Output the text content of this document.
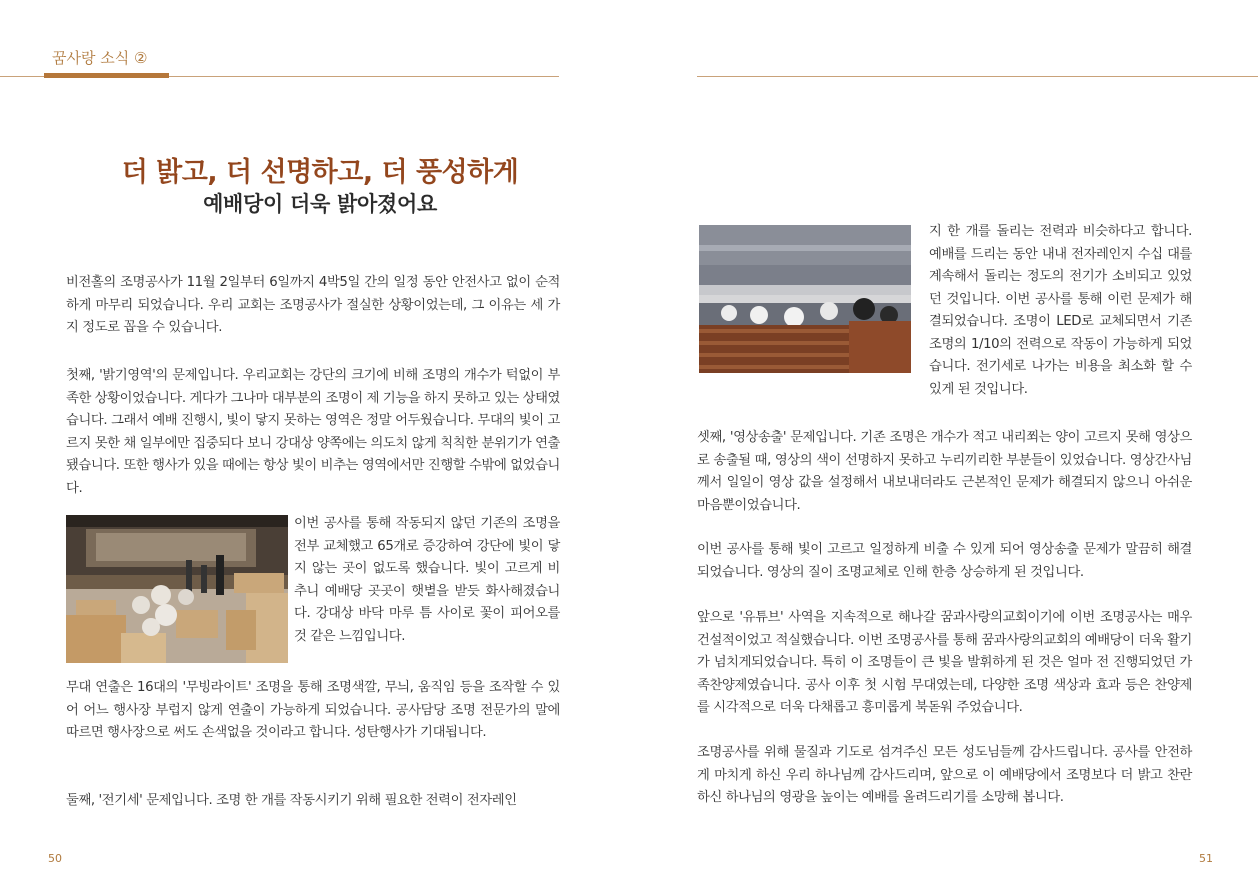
꿈사랑 소식 ②
더 밝고, 더 선명하고, 더 풍성하게
예배당이 더욱 밝아졌어요

비전홀의 조명공사가 11월 2일부터 6일까지 4박5일 간의 일정 동안 안전사고 없이 순적하게 마무리 되었습니다. 우리 교회는 조명공사가 절실한 상황이었는데, 그 이유는 세 가지 정도로 꼽을 수 있습니다.

첫째, '밝기영역'의 문제입니다. 우리교회는 강단의 크기에 비해 조명의 개수가 턱없이 부족한 상황이었습니다. 게다가 그나마 대부분의 조명이 제 기능을 하지 못하고 있는 상태였습니다. 그래서 예배 진행시, 빛이 닿지 못하는 영역은 정말 어두웠습니다. 무대의 빛이 고르지 못한 채 일부에만 집중되다 보니 강대상 양쪽에는 의도치 않게 칙칙한 분위기가 연출됐습니다. 또한 행사가 있을 때에는 항상 빛이 비추는 영역에서만 진행할 수밖에 없었습니다.

이번 공사를 통해 작동되지 않던 기존의 조명을 전부 교체했고 65개로 증강하여 강단에 빛이 닿지 않는 곳이 없도록 했습니다. 빛이 고르게 비추니 예배당 곳곳이 햇볕을 받듯 화사해졌습니다. 강대상 바닥 마루 틈 사이로 꽃이 피어오를 것 같은 느낌입니다.

무대 연출은 16대의 '무빙라이트' 조명을 통해 조명색깔, 무늬, 움직임 등을 조작할 수 있어 어느 행사장 부럽지 않게 연출이 가능하게 되었습니다. 공사담당 조명 전문가의 말에 따르면 행사장으로 써도 손색없을 것이라고 합니다. 성탄행사가 기대됩니다.

둘째, '전기세' 문제입니다. 조명 한 개를 작동시키기 위해 필요한 전력이 전자레인

50

지 한 개를 돌리는 전력과 비슷하다고 합니다. 예배를 드리는 동안 내내 전자레인지 수십 대를 계속해서 돌리는 정도의 전기가 소비되고 있었던 것입니다. 이번 공사를 통해 이런 문제가 해결되었습니다. 조명이 LED로 교체되면서 기존 조명의 1/10의 전력으로 작동이 가능하게 되었습니다. 전기세로 나가는 비용을 최소화 할 수 있게 된 것입니다.

셋째, '영상송출' 문제입니다. 기존 조명은 개수가 적고 내리쬐는 양이 고르지 못해 영상으로 송출될 때, 영상의 색이 선명하지 못하고 누리끼리한 부분들이 있었습니다. 영상간사님께서 일일이 영상 값을 설정해서 내보내더라도 근본적인 문제가 해결되지 않으니 아쉬운 마음뿐이었습니다.

이번 공사를 통해 빛이 고르고 일정하게 비출 수 있게 되어 영상송출 문제가 말끔히 해결되었습니다. 영상의 질이 조명교체로 인해 한층 상승하게 된 것입니다.

앞으로 '유튜브' 사역을 지속적으로 해나갈 꿈과사랑의교회이기에 이번 조명공사는 매우 건설적이었고 적실했습니다. 이번 조명공사를 통해 꿈과사랑의교회의 예배당이 더욱 활기가 넘치게되었습니다. 특히 이 조명들이 큰 빛을 발휘하게 된 것은 얼마 전 진행되었던 가족찬양제였습니다. 공사 이후 첫 시험 무대였는데, 다양한 조명 색상과 효과 등은 찬양제를 시각적으로 더욱 다채롭고 흥미롭게 북돋워 주었습니다.

조명공사를 위해 물질과 기도로 섬겨주신 모든 성도님들께 감사드립니다. 공사를 안전하게 마치게 하신 우리 하나님께 감사드리며, 앞으로 이 예배당에서 조명보다 더 밝고 찬란하신 하나님의 영광을 높이는 예배를 올려드리기를 소망해 봅니다.

51
